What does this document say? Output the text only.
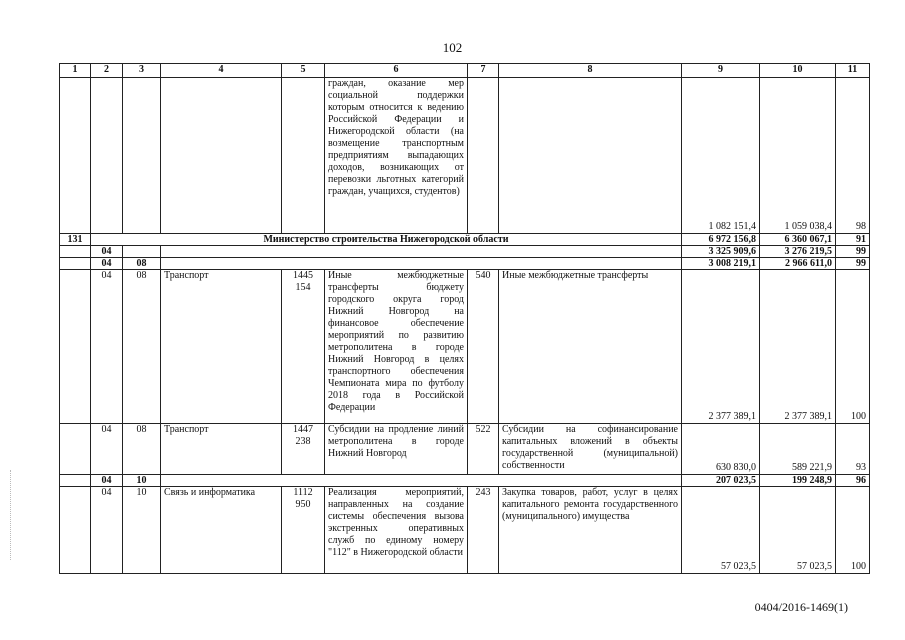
102
1	2	3	4	5	6	7	8	9	10	11
					граждан, оказание мер социальной поддержки которым относится к ведению Российской Федерации и Нижегородской области (на возмещение транспортным предприятиям выпадающих доходов, возникающих от перевозки льготных категорий граждан, учащихся, студентов)			1 082 151,4	1 059 038,4	98
131	Министерство строительства Нижегородской области							6 972 156,8	6 360 067,1	91
	04							3 325 909,6	3 276 219,5	99
	04	08						3 008 219,1	2 966 611,0	99
	04	08	Транспорт	1445 154	Иные межбюджетные трансферты бюджету городского округа город Нижний Новгород на финансовое обеспечение мероприятий по развитию метрополитена в городе Нижний Новгород в целях транспортного обеспечения Чемпионата мира по футболу 2018 года в Российской Федерации	540	Иные межбюджетные трансферты	2 377 389,1	2 377 389,1	100
	04	08	Транспорт	1447 238	Субсидии на продление линий метрополитена в городе Нижний Новгород	522	Субсидии на софинансирование капитальных вложений в объекты государственной (муниципальной) собственности	630 830,0	589 221,9	93
	04	10						207 023,5	199 248,9	96
	04	10	Связь и информатика	1112 950	Реализация мероприятий, направленных на создание системы обеспечения вызова экстренных оперативных служб по единому номеру "112" в Нижегородской области	243	Закупка товаров, работ, услуг в целях капитального ремонта государственного (муниципального) имущества	57 023,5	57 023,5	100
0404/2016-1469(1)
